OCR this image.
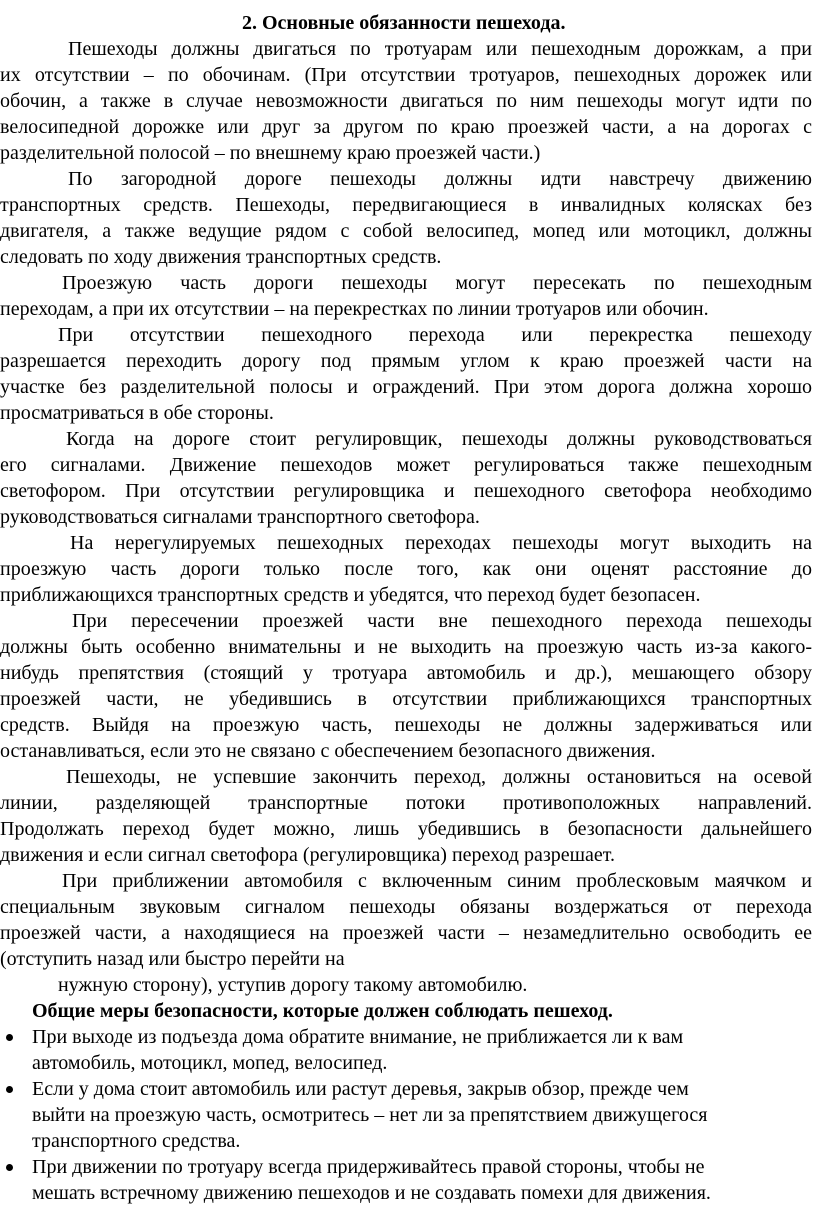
2. Основные обязанности пешехода.
Пешеходы должны двигаться по тротуарам или пешеходным дорожкам, а при
их отсутствии – по обочинам. (При отсутствии тротуаров, пешеходных дорожек или
обочин, а также в случае невозможности двигаться по ним пешеходы могут идти по
велосипедной дорожке или друг за другом по краю проезжей части, а на дорогах с
разделительной полосой – по внешнему краю проезжей части.)
По загородной дороге пешеходы должны идти навстречу движению
транспортных средств. Пешеходы, передвигающиеся в инвалидных колясках без
двигателя, а также ведущие рядом с собой велосипед, мопед или мотоцикл, должны
следовать по ходу движения транспортных средств.
Проезжую часть дороги пешеходы могут пересекать по пешеходным
переходам, а при их отсутствии – на перекрестках по линии тротуаров или обочин.
При отсутствии пешеходного перехода или перекрестка пешеходу
разрешается переходить дорогу под прямым углом к краю проезжей части на
участке без разделительной полосы и ограждений. При этом дорога должна хорошо
просматриваться в обе стороны.
Когда на дороге стоит регулировщик, пешеходы должны руководствоваться
его сигналами. Движение пешеходов может регулироваться также пешеходным
светофором. При отсутствии регулировщика и пешеходного светофора необходимо
руководствоваться сигналами транспортного светофора.
На нерегулируемых пешеходных переходах пешеходы могут выходить на
проезжую часть дороги только после того, как они оценят расстояние до
приближающихся транспортных средств и убедятся, что переход будет безопасен.
При пересечении проезжей части вне пешеходного перехода пешеходы
должны быть особенно внимательны и не выходить на проезжую часть из-за какого-
нибудь препятствия (стоящий у тротуара автомобиль и др.), мешающего обзору
проезжей части, не убедившись в отсутствии приближающихся транспортных
средств. Выйдя на проезжую часть, пешеходы не должны задерживаться или
останавливаться, если это не связано с обеспечением безопасного движения.
Пешеходы, не успевшие закончить переход, должны остановиться на осевой
линии, разделяющей транспортные потоки противоположных направлений.
Продолжать переход будет можно, лишь убедившись в безопасности дальнейшего
движения и если сигнал светофора (регулировщика) переход разрешает.
При приближении автомобиля с включенным синим проблесковым маячком и
специальным звуковым сигналом пешеходы обязаны воздержаться от перехода
проезжей части, а находящиеся на проезжей части – незамедлительно освободить ее
(отступить назад или быстро перейти на
нужную сторону), уступив дорогу такому автомобилю.
Общие меры безопасности, которые должен соблюдать пешеход.
При выходе из подъезда дома обратите внимание, не приближается ли к вам
автомобиль, мотоцикл, мопед, велосипед.
Если у дома стоит автомобиль или растут деревья, закрыв обзор, прежде чем
выйти на проезжую часть, осмотритесь – нет ли за препятствием движущегося
транспортного средства.
При движении по тротуару всегда придерживайтесь правой стороны, чтобы не
мешать встречному движению пешеходов и не создавать помехи для движения.
